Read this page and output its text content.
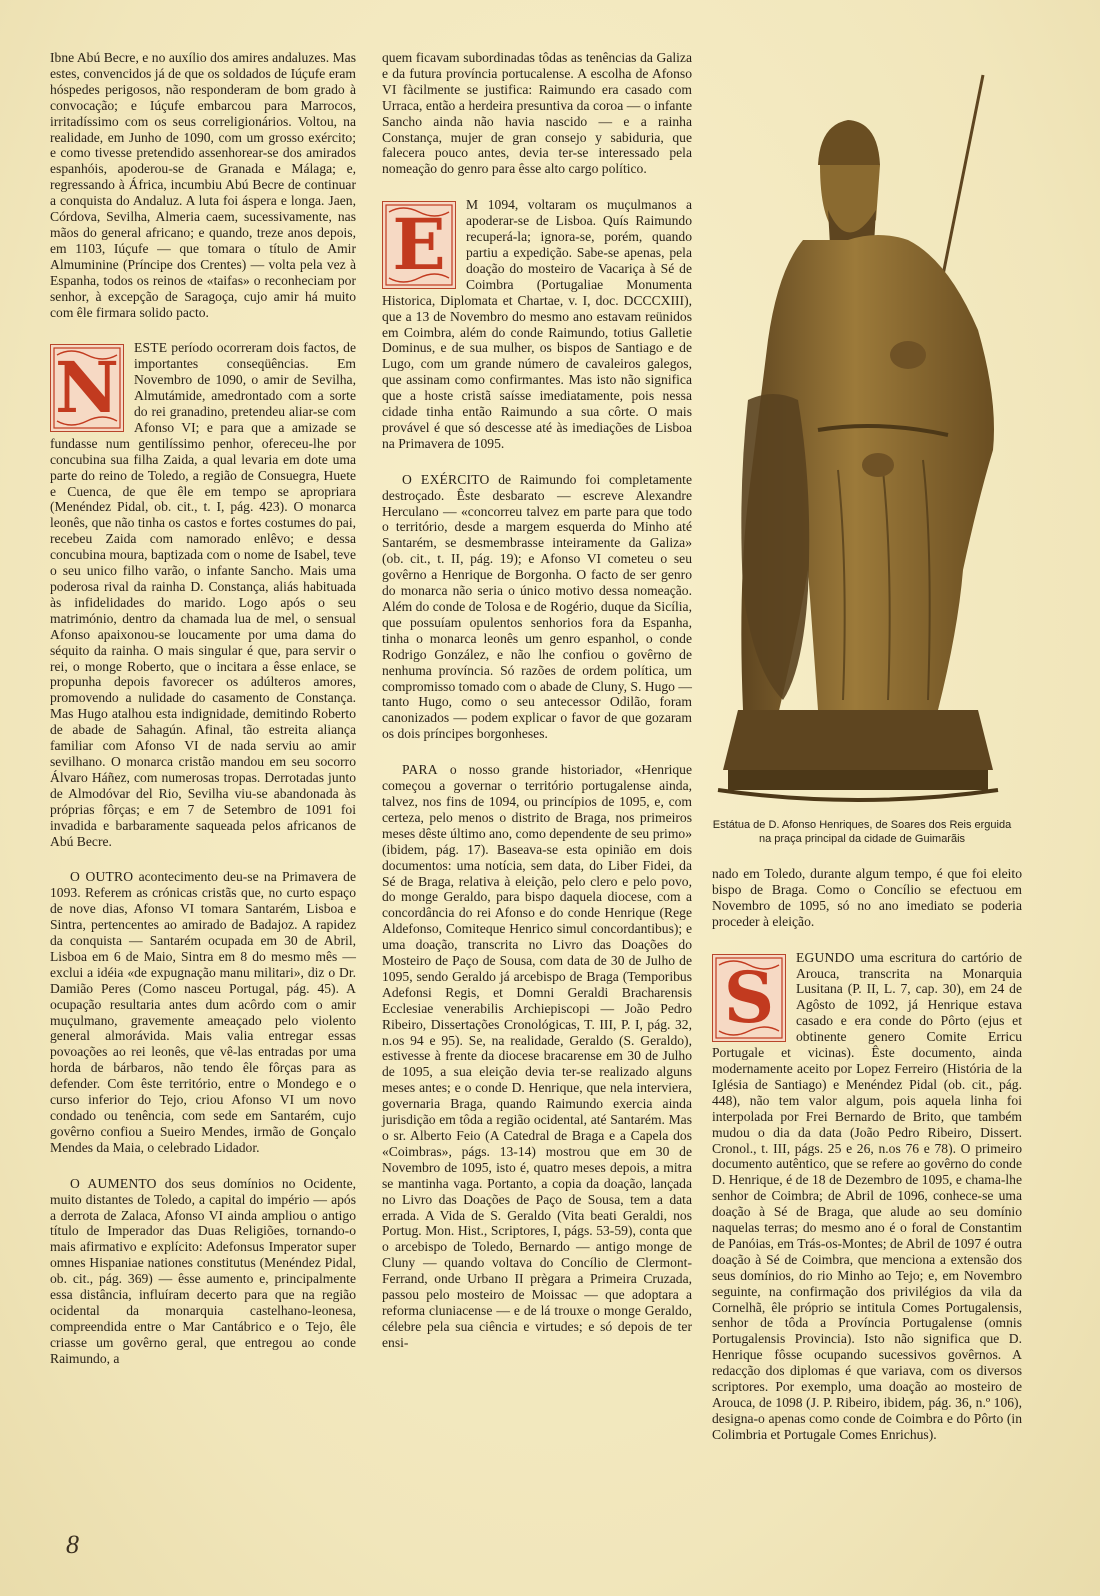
Ibne Abú Becre, e no auxílio dos amires andaluzes. Mas estes, convencidos já de que os soldados de Iúçufe eram hóspedes perigosos, não responderam de bom grado à convocação; e Iúçufe embarcou para Marrocos, irritadíssimo com os seus correligionários. Voltou, na realidade, em Junho de 1090, com um grosso exército; e como tivesse pretendido assenhorear-se dos amirados espanhóis, apoderou-se de Granada e Málaga; e, regressando à África, incumbiu Abú Becre de continuar a conquista do Andaluz. A luta foi áspera e longa. Jaen, Córdova, Sevilha, Almeria caem, sucessivamente, nas mãos do general africano; e quando, treze anos depois, em 1103, Iúçufe — que tomara o título de Amir Almuminine (Príncipe dos Crentes) — volta pela vez à Espanha, todos os reinos de «taifas» o reconheciam por senhor, à excepção de Saragoça, cujo amir há muito com êle firmara solido pacto.

N ESTE período ocorreram dois factos, de importantes conseqüências. Em Novembro de 1090, o amir de Sevilha, Almutámide, amedrontado com a sorte do rei granadino, pretendeu aliar-se com Afonso VI; e para que a amizade se fundasse num gentilíssimo penhor, ofereceu-lhe por concubina sua filha Zaida, a qual levaria em dote uma parte do reino de Toledo, a região de Consuegra, Huete e Cuenca, de que êle em tempo se apropriara (Menéndez Pidal, ob. cit., t. I, pág. 423). O monarca leonês, que não tinha os castos e fortes costumes do pai, recebeu Zaida com namorado enlêvo; e dessa concubina moura, baptizada com o nome de Isabel, teve o seu unico filho varão, o infante Sancho. Mais uma poderosa rival da rainha D. Constança, aliás habituada às infidelidades do marido. Logo após o seu matrimónio, dentro da chamada lua de mel, o sensual Afonso apaixonou-se loucamente por uma dama do séquito da rainha. O mais singular é que, para servir o rei, o monge Roberto, que o incitara a êsse enlace, se propunha depois favorecer os adúlteros amores, promovendo a nulidade do casamento de Constança. Mas Hugo atalhou esta indignidade, demitindo Roberto de abade de Sahagún. Afinal, tão estreita aliança familiar com Afonso VI de nada serviu ao amir sevilhano. O monarca cristão mandou em seu socorro Álvaro Háñez, com numerosas tropas. Derrotadas junto de Almodóvar del Rio, Sevilha viu-se abandonada às próprias fôrças; e em 7 de Setembro de 1091 foi invadida e barbaramente saqueada pelos africanos de Abú Becre.

O OUTRO acontecimento deu-se na Primavera de 1093. Referem as crónicas cristãs que, no curto espaço de nove dias, Afonso VI tomara Santarém, Lisboa e Sintra, pertencentes ao amirado de Badajoz. A rapidez da conquista — Santarém ocupada em 30 de Abril, Lisboa em 6 de Maio, Sintra em 8 do mesmo mês — exclui a idéia «de expugnação manu militari», diz o Dr. Damião Peres (Como nasceu Portugal, pág. 45). A ocupação resultaria antes dum acôrdo com o amir muçulmano, gravemente ameaçado pelo violento general almorávida. Mais valia entregar essas povoações ao rei leonês, que vê-las entradas por uma horda de bárbaros, não tendo êle fôrças para as defender. Com êste território, entre o Mondego e o curso inferior do Tejo, criou Afonso VI um novo condado ou tenência, com sede em Santarém, cujo govêrno confiou a Sueiro Mendes, irmão de Gonçalo Mendes da Maia, o celebrado Lidador.

O AUMENTO dos seus domínios no Ocidente, muito distantes de Toledo, a capital do império — após a derrota de Zalaca, Afonso VI ainda ampliou o antigo título de Imperador das Duas Religiões, tornando-o mais afirmativo e explícito: Adefonsus Imperator super omnes Hispaniae nationes constitutus (Menéndez Pidal, ob. cit., pág. 369) — êsse aumento e, principalmente essa distância, influíram decerto para que na região ocidental da monarquia castelhano-leonesa, compreendida entre o Mar Cantábrico e o Tejo, êle criasse um govêrno geral, que entregou ao conde Raimundo, a

quem ficavam subordinadas tôdas as tenências da Galiza e da futura província portucalense. A escolha de Afonso VI fàcilmente se justifica: Raimundo era casado com Urraca, então a herdeira presuntiva da coroa — o infante Sancho ainda não havia nascido — e a rainha Constança, mujer de gran consejo y sabiduria, que falecera pouco antes, devia ter-se interessado pela nomeação do genro para êsse alto cargo político.

E	M 1094, voltaram os muçulmanos a apoderar-se de Lisboa. Quís Raimundo recuperá-la; ignora-se, porém, quando partiu a expedição. Sabe-se apenas, pela doação do mosteiro de Vacariça à Sé de Coimbra (Portugaliae Monumenta Historica, Diplomata et Chartae, v. I, doc. DCCCXIII), que a 13 de Novembro do mesmo ano estavam reünidos em Coimbra, além do conde Raimundo, totius Galletie Dominus, e de sua mulher, os bispos de Santiago e de Lugo, com um grande número de cavaleiros galegos, que assinam como confirmantes. Mas isto não significa que a hoste cristã saísse imediatamente, pois nessa cidade tinha então Raimundo a sua côrte. O mais provável é que só descesse até às imediações de Lisboa na Primavera de 1095.

O EXÉRCITO de Raimundo foi completamente destroçado. Êste desbarato — escreve Alexandre Herculano — «concorreu talvez em parte para que todo o território, desde a margem esquerda do Minho até Santarém, se desmembrasse inteiramente da Galiza» (ob. cit., t. II, pág. 19); e Afonso VI cometeu o seu govêrno a Henrique de Borgonha. O facto de ser genro do monarca não seria o único motivo dessa nomeação. Além do conde de Tolosa e de Rogério, duque da Sicília, que possuíam opulentos senhorios fora da Espanha, tinha o monarca leonês um genro espanhol, o conde Rodrigo González, e não lhe confiou o govêrno de nenhuma província. Só razões de ordem política, um compromisso tomado com o abade de Cluny, S. Hugo — tanto Hugo, como o seu antecessor Odilão, foram canonizados — podem explicar o favor de que gozaram os dois príncipes borgonheses.

PARA o nosso grande historiador, «Henrique começou a governar o território portugalense ainda, talvez, nos fins de 1094, ou princípios de 1095, e, com certeza, pelo menos o distrito de Braga, nos primeiros meses dêste último ano, como dependente de seu primo» (ibidem, pág. 17). Baseava-se esta opinião em dois documentos: uma notícia, sem data, do Liber Fidei, da Sé de Braga, relativa à eleição, pelo clero e pelo povo, do monge Geraldo, para bispo daquela diocese, com a concordância do rei Afonso e do conde Henrique (Rege Aldefonso, Comiteque Henrico simul concordantibus); e uma doação, transcrita no Livro das Doações do Mosteiro de Paço de Sousa, com data de 30 de Julho de 1095, sendo Geraldo já arcebispo de Braga (Temporibus Adefonsi Regis, et Domni Geraldi Bracharensis Ecclesiae venerabilis Archiepiscopi — João Pedro Ribeiro, Dissertações Cronológicas, T. III, P. I, pág. 32, n.os 94 e 95). Se, na realidade, Geraldo (S. Geraldo), estivesse à frente da diocese bracarense em 30 de Julho de 1095, a sua eleição devia ter-se realizado alguns meses antes; e o conde D. Henrique, que nela interviera, governaria Braga, quando Raimundo exercia ainda jurisdição em tôda a região ocidental, até Santarém. Mas o sr. Alberto Feio (A Catedral de Braga e a Capela dos «Coimbras», págs. 13-14) mostrou que em 30 de Novembro de 1095, isto é, quatro meses depois, a mitra se mantinha vaga. Portanto, a copia da doação, lançada no Livro das Doações de Paço de Sousa, tem a data errada. A Vida de S. Geraldo (Vita beati Geraldi, nos Portug. Mon. Hist., Scriptores, I, págs. 53-59), conta que o arcebispo de Toledo, Bernardo — antigo monge de Cluny — quando voltava do Concílio de Clermont-Ferrand, onde Urbano II prègara a Primeira Cruzada, passou pelo mosteiro de Moissac — que adoptara a reforma cluniacense — e de lá trouxe o monge Geraldo, célebre pela sua ciência e virtudes; e só depois de ter ensi-

Estátua de D. Afonso Henriques, de Soares dos Reis erguida na praça principal da cidade de Guimarãis

nado em Toledo, durante algum tempo, é que foi eleito bispo de Braga. Como o Concílio se efectuou em Novembro de 1095, só no ano imediato se poderia proceder à eleição.

S	EGUNDO uma escritura do cartório de Arouca, transcrita na Monarquia Lusitana (P. II, L. 7, cap. 30), em 24 de Agôsto de 1092, já Henrique estava casado e era conde do Pôrto (ejus et obtinente genero Comite Erricu Portugale et vicinas). Êste documento, ainda modernamente aceito por Lopez Ferreiro (História de la Iglésia de Santiago) e Menéndez Pidal (ob. cit., pág. 448), não tem valor algum, pois aquela linha foi interpolada por Frei Bernardo de Brito, que também mudou o dia da data (João Pedro Ribeiro, Dissert. Cronol., t. III, págs. 25 e 26, n.os 76 e 78). O primeiro documento autêntico, que se refere ao govêrno do conde D. Henrique, é de 18 de Dezembro de 1095, e chama-lhe senhor de Coimbra; de Abril de 1096, conhece-se uma doação à Sé de Braga, que alude ao seu domínio naquelas terras; do mesmo ano é o foral de Constantim de Panóias, em Trás-os-Montes; de Abril de 1097 é outra doação à Sé de Coimbra, que menciona a extensão dos seus domínios, do rio Minho ao Tejo; e, em Novembro seguinte, na confirmação dos privilégios da vila da Cornelhã, êle próprio se intitula Comes Portugalensis, senhor de tôda a Província Portugalense (omnis Portugalensis Provincia). Isto não significa que D. Henrique fôsse ocupando sucessivos govêrnos. A redacção dos diplomas é que variava, com os diversos scriptores. Por exemplo, uma doação ao mosteiro de Arouca, de 1098 (J. P. Ribeiro, ibidem, pág. 36, n.º 106), designa-o apenas como conde de Coimbra e do Pôrto (in Colimbria et Portugale Comes Enrichus).

8
